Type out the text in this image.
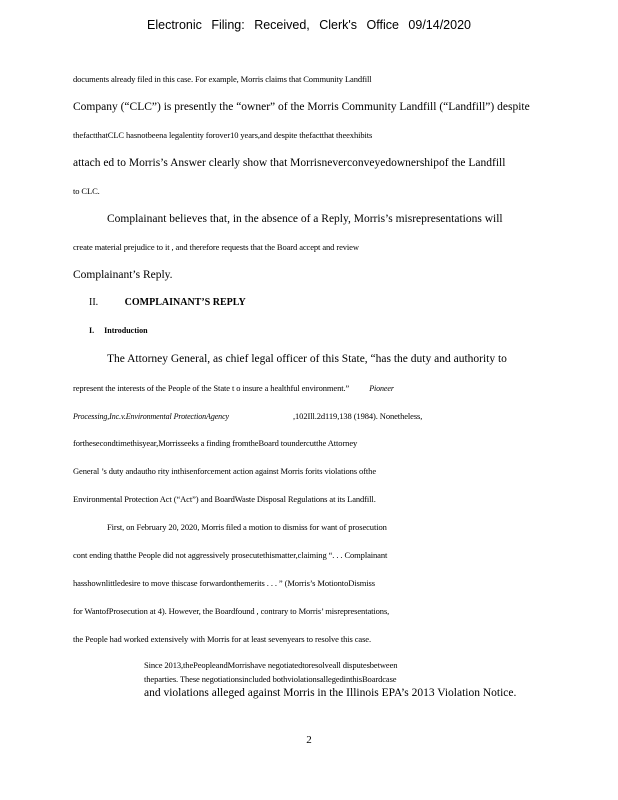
Electronic Filing: Received, Clerk's Office 09/14/2020
documents already filed in this case. For example, Morris claims that Community Landfill
Company (“CLC”) is presently the “owner” of the Morris Community Landfill (“Landfill”) despite
thefactthatCLC hasnotbeena legalentity forover10 years,and despite thefactthat theexhibits
attach ed to Morris’s Answer clearly show that Morrisneverconveyedownershipof the Landfill
to CLC.
Complainant believes that, in the absence of a Reply, Morris’s misrepresentations will
create material prejudice to it , and therefore requests that the Board accept and review
Complainant’s Reply.
II.	COMPLAINANT’S REPLY
I. Introduction
The Attorney General, as chief legal officer of this State, “has the duty and authority to
represent the interests of the People of the State t o insure a healthful environment.”	Pioneer
Processing,Inc.v.Environmental ProtectionAgency	,102Ill.2d119,138 (1984). Nonetheless,
forthesecondtimethisyear,Morrisseeks a finding fromtheBoard toundercutthe Attorney
General ’s duty andautho rity inthisenforcement action against Morris forits violations ofthe
Environmental Protection Act (“Act”) and BoardWaste Disposal Regulations at its Landfill.
First, on February 20, 2020, Morris filed a motion to dismiss for want of prosecution
cont ending thatthe People did not aggressively prosecutethismatter,claiming “. . . Complainant
hasshownlittledesire to move thiscase forwardonthemerits . . . ” (Morris’s MotiontoDismiss
for WantofProsecution at 4). However, the Boardfound , contrary to Morris’ misrepresentations,
the People had worked extensively with Morris for at least sevenyears to resolve this case.
Since 2013,thePeopleandMorrishave negotiatedtoresolveall disputesbetween
theparties. These negotiationsincluded bothviolationsallegedinthisBoardcase
and violations alleged against Morris in the Illinois EPA’s 2013 Violation Notice.
2
